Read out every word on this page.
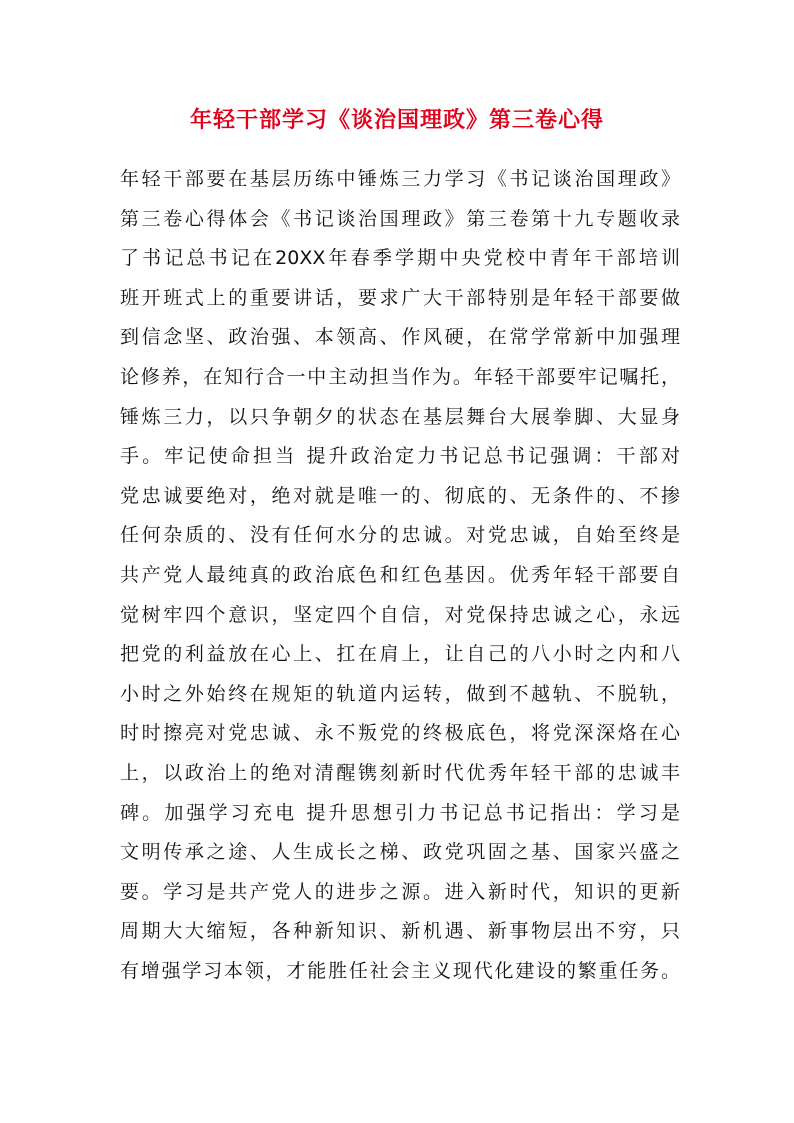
年轻干部学习《谈治国理政》第三卷心得
年轻干部要在基层历练中锤炼三力学习《书记谈治国理政》
第三卷心得体会《书记谈治国理政》第三卷第十九专题收录
了书记总书记在20XX年春季学期中央党校中青年干部培训
班开班式上的重要讲话，要求广大干部特别是年轻干部要做
到信念坚、政治强、本领高、作风硬，在常学常新中加强理
论修养，在知行合一中主动担当作为。年轻干部要牢记嘱托，
锤炼三力，以只争朝夕的状态在基层舞台大展拳脚、大显身
手。牢记使命担当 提升政治定力书记总书记强调：干部对
党忠诚要绝对，绝对就是唯一的、彻底的、无条件的、不掺
任何杂质的、没有任何水分的忠诚。对党忠诚，自始至终是
共产党人最纯真的政治底色和红色基因。优秀年轻干部要自
觉树牢四个意识，坚定四个自信，对党保持忠诚之心，永远
把党的利益放在心上、扛在肩上，让自己的八小时之内和八
小时之外始终在规矩的轨道内运转，做到不越轨、不脱轨，
时时擦亮对党忠诚、永不叛党的终极底色，将党深深烙在心
上，以政治上的绝对清醒镌刻新时代优秀年轻干部的忠诚丰
碑。加强学习充电 提升思想引力书记总书记指出：学习是
文明传承之途、人生成长之梯、政党巩固之基、国家兴盛之
要。学习是共产党人的进步之源。进入新时代，知识的更新
周期大大缩短，各种新知识、新机遇、新事物层出不穷，只
有增强学习本领，才能胜任社会主义现代化建设的繁重任务。
